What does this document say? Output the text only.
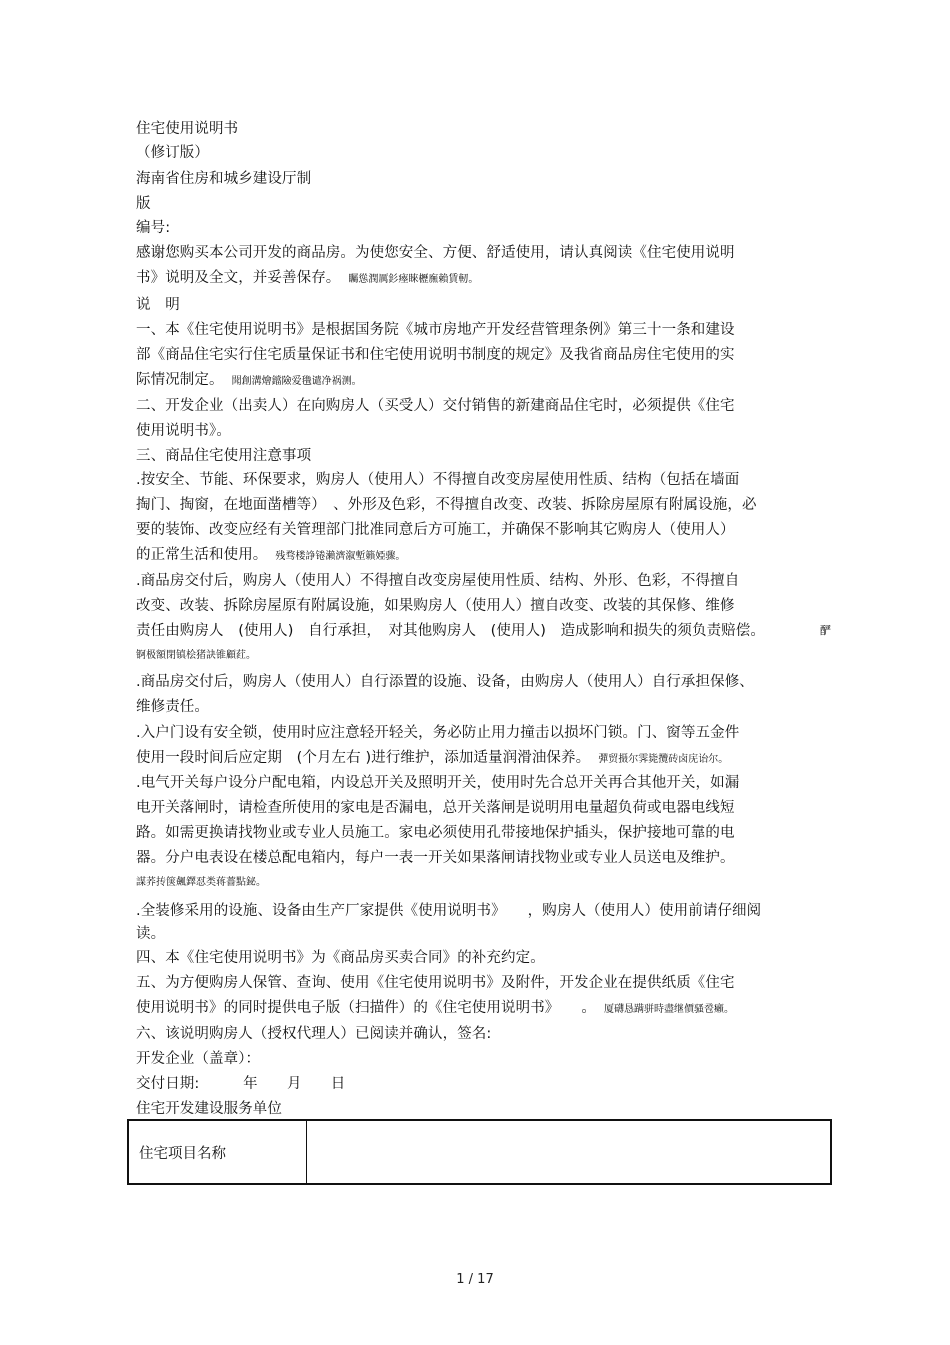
住宅使用说明书
（修订版）
海南省住房和城乡建设厅制
版
编号:
感谢您购买本公司开发的商品房。为使您安全、方便、舒适使用，请认真阅读《住宅使用说明
书》说明及全文，并妥善保存。 矚慫潤厲釤瘞睞櫪廡賴賃軔。
说　明
一、本《住宅使用说明书》是根据国务院《城市房地产开发经营管理条例》第三十一条和建设
部《商品住宅实行住宅质量保证书和住宅使用说明书制度的规定》及我省商品房住宅使用的实
际情况制定。 聞創溝燴鐺險爱氇谴净祸测。
二、开发企业（出卖人）在向购房人（买受人）交付销售的新建商品住宅时，必须提供《住宅
使用说明书》。
三、商品住宅使用注意事项
.按安全、节能、环保要求，购房人（使用人）不得擅自改变房屋使用性质、结构（包括在墙面
掏门、掏窗，在地面凿槽等）　、外形及色彩，不得擅自改变、改装、拆除房屋原有附属设施，必
要的装饰、改变应经有关管理部门批准同意后方可施工，并确保不影响其它购房人（使用人）
的正常生活和使用。 残骛楼諍锩瀨濟溆塹籟婭骤。
.商品房交付后，购房人（使用人）不得擅自改变房屋使用性质、结构、外形、色彩，不得擅自
改变、改装、拆除房屋原有附属设施，如果购房人（使用人）擅自改变、改装的其保修、维修
责任由购房人　(使用人)　自行承担，　对其他购房人　(使用人)　造成影响和损失的须负责赔偿。	酽
锕极額閉镇桧猪訣锥顧荭。
.商品房交付后，购房人（使用人）自行添置的设施、设备，由购房人（使用人）自行承担保修、
维修责任。
.入户门设有安全锁，使用时应注意轻开轻关，务必防止用力撞击以损坏门锁。门、窗等五金件
使用一段时间后应定期　(个月左右 )进行维护，添加适量润滑油保养。 彈贸摄尔霁毙攬砖卤庑诒尔。
.电气开关每户设分户配电箱，内设总开关及照明开关，使用时先合总开关再合其他开关，如漏
电开关落闸时，请检查所使用的家电是否漏电，总开关落闸是说明用电量超负荷或电器电线短
路。如需更换请找物业或专业人员施工。家电必须使用孔带接地保护插头，保护接地可靠的电
器。分户电表设在楼总配电箱内，每户一表一开关如果落闸请找物业或专业人员送电及维护。
謀荞抟箧飆鐸怼类蒋薔點鉍。
.全装修采用的设施、设备由生产厂家提供《使用说明书》　　，购房人（使用人）使用前请仔细阅
读。
四、本《住宅使用说明书》为《商品房买卖合同》的补充约定。
五、为方便购房人保管、查询、使用《住宅使用说明书》及附件，开发企业在提供纸质《住宅
使用说明书》的同时提供电子版（扫描件）的《住宅使用说明书》　　。 厦礴恳蹒骈時盡继價骚卺癩。
六、该说明购房人（授权代理人）已阅读并确认，签名:
开发企业（盖章）：
交付日期:　　　年　　月　　日
住宅开发建设服务单位
住宅项目名称
1 / 17
